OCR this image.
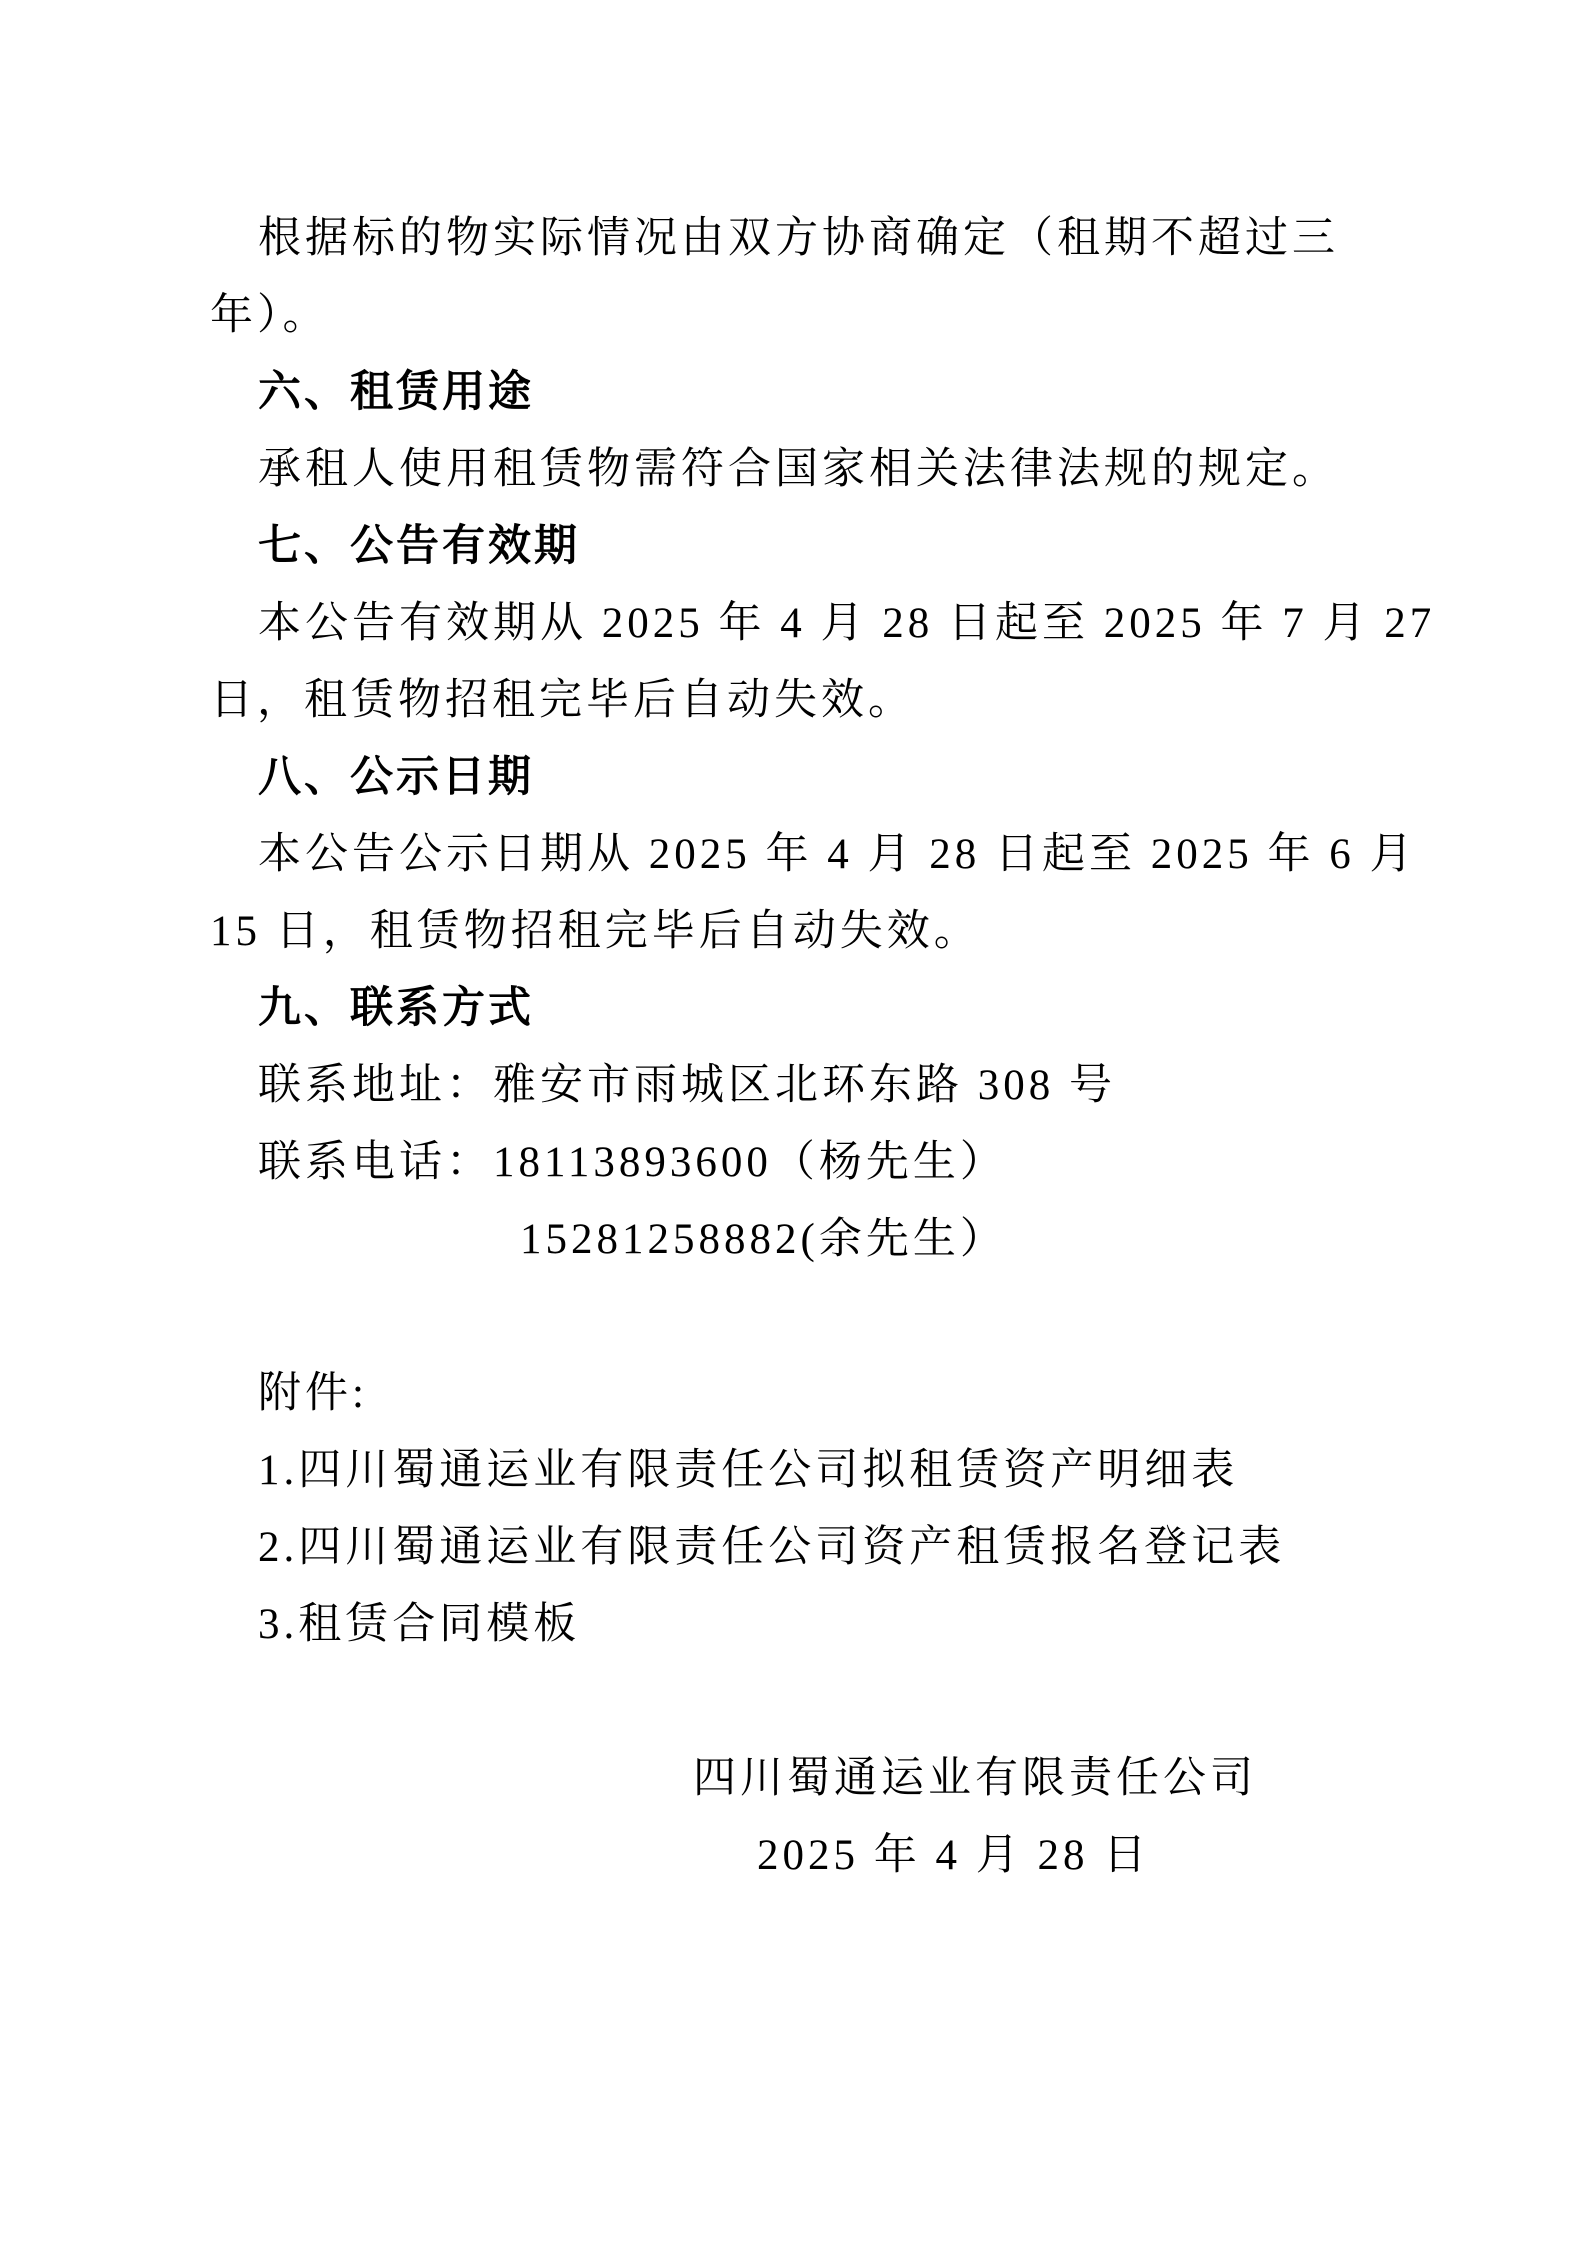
根据标的物实际情况由双方协商确定（租期不超过三
年）。
六、租赁用途
承租人使用租赁物需符合国家相关法律法规的规定。
七、公告有效期
本公告有效期从 2025 年 4 月 28 日起至 2025 年 7 月 27
日，租赁物招租完毕后自动失效。
八、公示日期
本公告公示日期从 2025 年 4 月 28 日起至 2025 年 6 月
15 日，租赁物招租完毕后自动失效。
九、联系方式
联系地址：雅安市雨城区北环东路 308 号
联系电话：18113893600（杨先生）
15281258882(余先生）
附件:
1.四川蜀通运业有限责任公司拟租赁资产明细表
2.四川蜀通运业有限责任公司资产租赁报名登记表
3.租赁合同模板
四川蜀通运业有限责任公司
2025 年 4 月 28 日
